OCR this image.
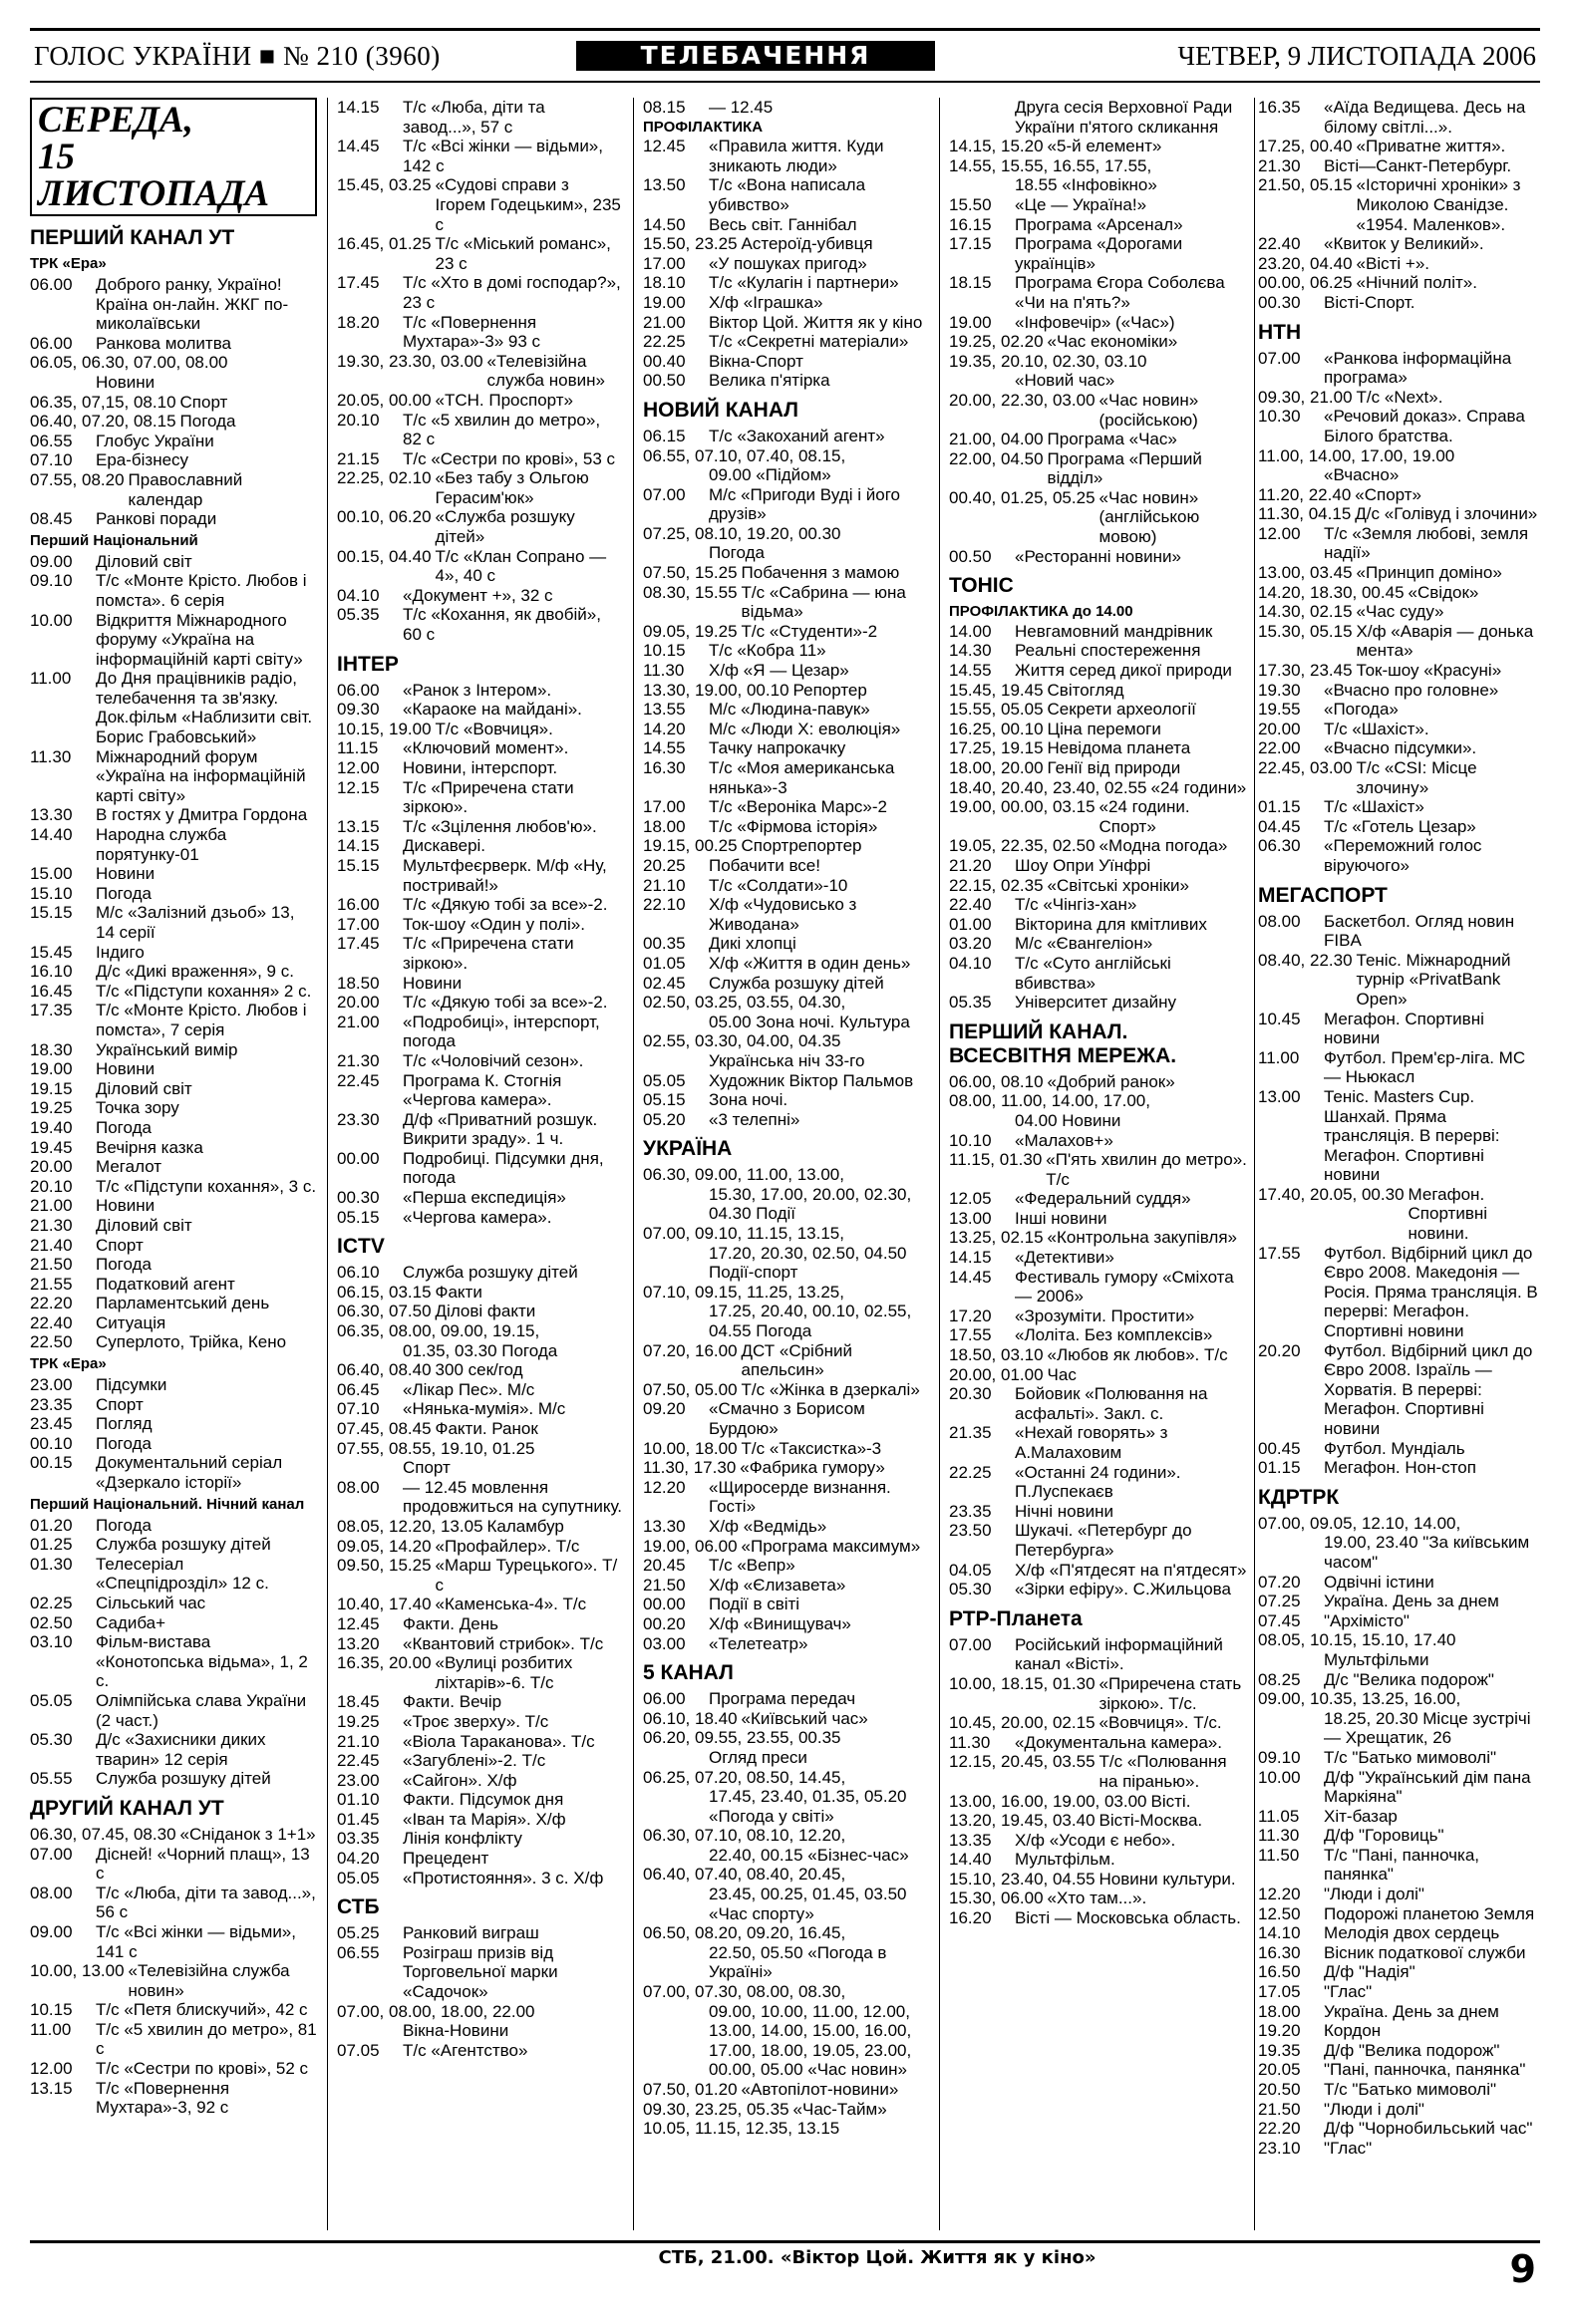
ГОЛОС УКРАЇНИ ■ № 210 (3960)	ТЕЛЕБАЧЕННЯ	ЧЕТВЕР, 9 ЛИСТОПАДА 2006
СЕРЕДА,
15 ЛИСТОПАДА
ПЕРШИЙ КАНАЛ УТ
ТРК «Ера»
06.00	Доброго ранку, Україно! Країна он-лайн. ЖКГ по-миколаївськи
06.00	Ранкова молитва
06.05, 06.30, 07.00, 08.00
Новини
06.35, 07,15, 08.10 Спорт
06.40, 07.20, 08.15 Погода
06.55	Глобус України
07.10	Ера-бізнесу
07.55, 08.20 Православний календар
08.45	Ранкові поради
Перший Національний
09.00	Діловий світ
09.10	Т/с «Монте Крісто. Любов і помста». 6 серія
10.00	Відкриття Міжнародного форуму «Україна на інформаційній карті світу»
11.00	До Дня працівників радіо, телебачення та зв'язку. Док.фільм «Наблизити світ. Борис Грабовський»
11.30	Міжнародний форум «Україна на інформаційній карті світу»
13.30	В гостях у Дмитра Гордона
14.40	Народна служба порятунку-01
15.00	Новини
15.10	Погода
15.15	М/с «Залізний дзьоб» 13, 14 серії
15.45	Індиго
16.10	Д/с «Дикі враження», 9 с.
16.45	Т/с «Підступи кохання» 2 с.
17.35	Т/с «Монте Крісто. Любов і помста», 7 серія
18.30	Український вимір
19.00	Новини
19.15	Діловий світ
19.25	Точка зору
19.40	Погода
19.45	Вечірня казка
20.00	Мегалот
20.10	Т/с «Підступи кохання», 3 с.
21.00	Новини
21.30	Діловий світ
21.40	Спорт
21.50	Погода
21.55	Податковий агент
22.20	Парламентський день
22.40	Ситуація
22.50	Суперлото, Трійка, Кено
ТРК «Ера»
23.00	Підсумки
23.35	Спорт
23.45	Погляд
00.10	Погода
00.15	Документальний серіал «Дзеркало історії»
Перший Національний. Нічний канал
01.20	Погода
01.25	Служба розшуку дітей
01.30	Телесеріал «Спецпідрозділ» 12 с.
02.25	Сільський час
02.50	Садиба+
03.10	Фільм-вистава «Конотопська відьма», 1, 2 с.
05.05	Олімпійська слава України (2 част.)
05.30	Д/с «Захисники диких тварин» 12 серія
05.55	Служба розшуку дітей
ДРУГИЙ КАНАЛ УТ
06.30, 07.45, 08.30 «Сніданок з 1+1»
07.00	Дісней! «Чорний плащ», 13 с
08.00	Т/с «Люба, діти та завод...», 56 с
09.00	Т/с «Всі жінки — відьми», 141 с
10.00, 13.00 «Телевізійна служба новин»
10.15	Т/с «Петя блискучий», 42 с
11.00	Т/с «5 хвилин до метро», 81 с
12.00	Т/с «Сестри по крові», 52 с
13.15	Т/с «Повернення Мухтара»-3, 92 с
14.15	Т/с «Люба, діти та завод...», 57 с
14.45	Т/с «Всі жінки — відьми», 142 с
15.45, 03.25 «Судові справи з Ігорем Годецьким», 235 с
16.45, 01.25 Т/с «Міський романс», 23 с
17.45	Т/с «Хто в домі господар?», 23 с
18.20	Т/с «Повернення Мухтара»-3» 93 с
19.30, 23.30, 03.00 «Телевізійна служба новин»
20.05, 00.00 «ТСН. Проспорт»
20.10	Т/с «5 хвилин до метро», 82 с
21.15	Т/с «Сестри по крові», 53 с
22.25, 02.10 «Без табу з Ольгою Герасим'юк»
00.10, 06.20 «Служба розшуку дітей»
00.15, 04.40 Т/с «Клан Сопрано — 4», 40 с
04.10	«Документ +», 32 с
05.35	Т/с «Кохання, як двобій», 60 с
ІНТЕР
06.00	«Ранок з Інтером».
09.30	«Караоке на майдані».
10.15, 19.00 Т/с «Вовчиця».
11.15	«Ключовий момент».
12.00	Новини, інтерспорт.
12.15	Т/с «Приречена стати зіркою».
13.15	Т/с «Зцілення любов'ю».
14.15	Дискавері.
15.15	Мультфеєрверк. М/ф «Ну, постривай!»
16.00	Т/с «Дякую тобі за все»-2.
17.00	Ток-шоу «Один у полі».
17.45	Т/с «Приречена стати зіркою».
18.50	Новини
20.00	Т/с «Дякую тобі за все»-2.
21.00	«Подробиці», інтерспорт, погода
21.30	Т/с «Чоловічий сезон».
22.45	Програма К. Стогнія «Чергова камера».
23.30	Д/ф «Приватний розшук. Викрити зраду». 1 ч.
00.00	Подробиці. Підсумки дня, погода
00.30	«Перша експедиція»
05.15	«Чергова камера».
ICTV
06.10	Служба розшуку дітей
06.15, 03.15 Факти
06.30, 07.50 Ділові факти
06.35, 08.00, 09.00, 19.15,
01.35, 03.30 Погода
06.40, 08.40 300 сек/год
06.45	«Лікар Пес». М/с
07.10	«Нянька-мумія». М/с
07.45, 08.45 Факти. Ранок
07.55, 08.55, 19.10, 01.25
Спорт
08.00	— 12.45 мовлення продовжиться на супутнику.
08.05, 12.20, 13.05 Каламбур
09.05, 14.20 «Профайлер». Т/с
09.50, 15.25 «Марш Турецького». Т/с
10.40, 17.40 «Каменська-4». Т/с
12.45	Факти. День
13.20	«Квантовий стрибок». Т/с
16.35, 20.00 «Вулиці розбитих ліхтарів»-6. Т/с
18.45	Факти. Вечір
19.25	«Троє зверху». Т/с
21.10	«Віола Тараканова». Т/с
22.45	«Загублені»-2. Т/с
23.00	«Сайгон». Х/ф
01.10	Факти. Підсумок дня
01.45	«Іван та Марія». Х/ф
03.35	Лінія конфлікту
04.20	Прецедент
05.05	«Протистояння». 3 с. Х/ф
СТБ
05.25	Ранковий виграш
06.55	Розіграш призів від Торговельної марки «Садочок»
07.00, 08.00, 18.00, 22.00
Вікна-Новини
07.05	Т/с «Агентство»
08.15	— 12.45
ПРОФІЛАКТИКА
12.45	«Правила життя. Куди зникають люди»
13.50	Т/с «Вона написала убивство»
14.50	Весь світ. Ганнібал
15.50, 23.25 Астероїд-убивця
17.00	«У пошуках пригод»
18.10	Т/с «Кулагін і партнери»
19.00	Х/ф «Іграшка»
21.00	Віктор Цой. Життя як у кіно
22.25	Т/с «Секретні матеріали»
00.40	Вікна-Спорт
00.50	Велика п'ятірка
НОВИЙ КАНАЛ
06.15	Т/с «Закоханий агент»
06.55, 07.10, 07.40, 08.15,
09.00 «Підйом»
07.00	М/с «Пригоди Вуді і його друзів»
07.25, 08.10, 19.20, 00.30
Погода
07.50, 15.25 Побачення з мамою
08.30, 15.55 Т/с «Сабрина — юна відьма»
09.05, 19.25 Т/с «Студенти»-2
10.15	Т/с «Кобра 11»
11.30	Х/ф «Я — Цезар»
13.30, 19.00, 00.10 Репортер
13.55	М/с «Людина-павук»
14.20	М/с «Люди Х: еволюція»
14.55	Тачку напрокачку
16.30	Т/с «Моя американська нянька»-3
17.00	Т/с «Вероніка Марс»-2
18.00	Т/с «Фірмова історія»
19.15, 00.25 Спортрепортер
20.25	Побачити все!
21.10	Т/с «Солдати»-10
22.10	Х/ф «Чудовисько з Живодана»
00.35	Дикі хлопці
01.05	Х/ф «Життя в один день»
02.45	Служба розшуку дітей
02.50, 03.25, 03.55, 04.30,
05.00 Зона ночі. Культура
02.55, 03.30, 04.00, 04.35
Українська ніч 33-го
05.05	Художник Віктор Пальмов
05.15	Зона ночі.
05.20	«3 телепні»
УКРАЇНА
06.30, 09.00, 11.00, 13.00,
15.30, 17.00, 20.00, 02.30, 04.30 Події
07.00, 09.10, 11.15, 13.15,
17.20, 20.30, 02.50, 04.50 Події-спорт
07.10, 09.15, 11.25, 13.25,
17.25, 20.40, 00.10, 02.55, 04.55 Погода
07.20, 16.00 ДСТ «Срібний апельсин»
07.50, 05.00 Т/с «Жінка в дзеркалі»
09.20	«Смачно з Борисом Бурдою»
10.00, 18.00 Т/с «Таксистка»-3
11.30, 17.30 «Фабрика гумору»
12.20	«Щиросерде визнання. Гості»
13.30	Х/ф «Ведмідь»
19.00, 06.00 «Програма максимум»
20.45	Т/с «Вепр»
21.50	Х/ф «Єлизавета»
00.00	Події в світі
00.20	Х/ф «Винищувач»
03.00	«Телетеатр»
5 КАНАЛ
06.00	Програма передач
06.10, 18.40 «Київський час»
06.20, 09.55, 23.55, 00.35
Огляд преси
06.25, 07.20, 08.50, 14.45,
17.45, 23.40, 01.35, 05.20 «Погода у світі»
06.30, 07.10, 08.10, 12.20,
22.40, 00.15 «Бізнес-час»
06.40, 07.40, 08.40, 20.45,
23.45, 00.25, 01.45, 03.50 «Час спорту»
06.50, 08.20, 09.20, 16.45,
22.50, 05.50 «Погода в Україні»
07.00, 07.30, 08.00, 08.30,
09.00, 10.00, 11.00, 12.00, 13.00, 14.00, 15.00, 16.00, 17.00, 18.00, 19.05, 23.00, 00.00, 05.00 «Час новин»
07.50, 01.20 «Автопілот-новини»
09.30, 23.25, 05.35 «Час-Тайм»
10.05, 11.15, 12.35, 13.15
Друга сесія Верховної Ради України п'ятого скликання
14.15, 15.20 «5-й елемент»
14.55, 15.55, 16.55, 17.55,
18.55 «Інфовікно»
15.50	«Це — Україна!»
16.15	Програма «Арсенал»
17.15	Програма «Дорогами українців»
18.15	Програма Єгора Соболєва «Чи на п'ять?»
19.00	«Інфовечір» («Час»)
19.25, 02.20 «Час економіки»
19.35, 20.10, 02.30, 03.10
«Новий час»
20.00, 22.30, 03.00 «Час новин» (російською)
21.00, 04.00 Програма «Час»
22.00, 04.50 Програма «Перший відділ»
00.40, 01.25, 05.25 «Час новин» (англійською мовою)
00.50	«Ресторанні новини»
ТОНІС
ПРОФІЛАКТИКА до 14.00
14.00	Невгамовний мандрівник
14.30	Реальні спостереження
14.55	Життя серед дикої природи
15.45, 19.45 Світогляд
15.55, 05.05 Секрети археології
16.25, 00.10 Ціна перемоги
17.25, 19.15 Невідома планета
18.00, 20.00 Генії від природи
18.40, 20.40, 23.40, 02.55 «24 години»
19.00, 00.00, 03.15 «24 години. Спорт»
19.05, 22.35, 02.50 «Модна погода»
21.20	Шоу Опри Уїнфрі
22.15, 02.35 «Світські хроніки»
22.40	Т/с «Чінгіз-хан»
01.00	Вікторина для кмітливих
03.20	М/с «Євангеліон»
04.10	Т/с «Суто англійські вбивства»
05.35	Університет дизайну
ПЕРШИЙ КАНАЛ. ВСЕСВІТНЯ МЕРЕЖА.
06.00, 08.10 «Добрий ранок»
08.00, 11.00, 14.00, 17.00,
04.00 Новини
10.10	«Малахов+»
11.15, 01.30 «П'ять хвилин до метро». Т/с
12.05	«Федеральний суддя»
13.00	Інші новини
13.25, 02.15 «Контрольна закупівля»
14.15	«Детективи»
14.45	Фестиваль гумору «Сміхота — 2006»
17.20	«Зрозуміти. Простити»
17.55	«Лоліта. Без комплексів»
18.50, 03.10 «Любов як любов». Т/с
20.00, 01.00 Час
20.30	Бойовик «Полювання на асфальті». Закл. с.
21.35	«Нехай говорять» з А.Малаховим
22.25	«Останні 24 години». П.Луспекаєв
23.35	Нічні новини
23.50	Шукачі. «Петербург до Петербурга»
04.05	Х/ф «П'ятдесят на п'ятдесят»
05.30	«Зірки ефіру». С.Жильцова
РТР-Планета
07.00	Російський інформаційний канал «Вісті».
10.00, 18.15, 01.30 «Приречена стать зіркою». Т/с.
10.45, 20.00, 02.15 «Вовчиця». Т/с.
11.30	«Документальна камера».
12.15, 20.45, 03.55 Т/с «Полювання на піранью».
13.00, 16.00, 19.00, 03.00 Вісті.
13.20, 19.45, 03.40 Вісті-Москва.
13.35	Х/ф «Усоди є небо».
14.40	Мультфільм.
15.10, 23.40, 04.55 Новини культури.
15.30, 06.00 «Хто там...».
16.20	Вісті — Московська область.
16.35	«Аїда Ведищева. Десь на білому світлі...».
17.25, 00.40 «Приватне життя».
21.30	Вісті—Санкт-Петербург.
21.50, 05.15 «Історичні хроніки» з Миколою Сванідзе. «1954. Маленков».
22.40	«Квиток у Великий».
23.20, 04.40 «Вісті +».
00.00, 06.25 «Нічний політ».
00.30	Вісті-Спорт.
НТН
07.00	«Ранкова інформаційна програма»
09.30, 21.00 Т/с «Next».
10.30	«Речовий доказ». Справа Білого братства.
11.00, 14.00, 17.00, 19.00
«Вчасно»
11.20, 22.40 «Спорт»
11.30, 04.15 Д/с «Голівуд і злочини»
12.00	Т/с «Земля любові, земля надії»
13.00, 03.45 «Принцип доміно»
14.20, 18.30, 00.45 «Свідок»
14.30, 02.15 «Час суду»
15.30, 05.15 Х/ф «Аварія — донька мента»
17.30, 23.45 Ток-шоу «Красуні»
19.30	«Вчасно про головне»
19.55	«Погода»
20.00	Т/с «Шахіст».
22.00	«Вчасно підсумки».
22.45, 03.00 Т/с «CSI: Місце злочину»
01.15	Т/с «Шахіст»
04.45	Т/с «Готель Цезар»
06.30	«Переможний голос віруючого»
МЕГАСПОРТ
08.00	Баскетбол. Огляд новин FIBA
08.40, 22.30 Теніс. Міжнародний турнір «PrivatBank Open»
10.45	Мегафон. Спортивні новини
11.00	Футбол. Прем'єр-ліга. МС — Ньюкасл
13.00	Теніс. Masters Cup. Шанхай. Пряма трансляція. В перерві: Мегафон. Спортивні новини
17.40, 20.05, 00.30 Мегафон. Спортивні новини.
17.55	Футбол. Відбірний цикл до Євро 2008. Македонія — Росія. Пряма трансляція. В перерві: Мегафон. Спортивні новини
20.20	Футбол. Відбірний цикл до Євро 2008. Ізраїль — Хорватія. В перерві: Мегафон. Спортивні новини
00.45	Футбол. Мундіаль
01.15	Мегафон. Нон-стоп
КДРТРК
07.00, 09.05, 12.10, 14.00,
19.00, 23.40 "За київським часом"
07.20	Одвічні істини
07.25	Україна. День за днем
07.45	"Архімісто"
08.05, 10.15, 15.10, 17.40
Мультфільми
08.25	Д/с "Велика подорож"
09.00, 10.35, 13.25, 16.00,
18.25, 20.30 Місце зустрічі — Хрещатик, 26
09.10	Т/с "Батько мимоволі"
10.00	Д/ф "Український дім пана Маркіяна"
11.05	Хіт-базар
11.30	Д/ф "Горовиць"
11.50	Т/с "Пані, панночка, панянка"
12.20	"Люди і долі"
12.50	Подорожі планетою Земля
14.10	Мелодія двох сердець
16.30	Вісник податкової служби
16.50	Д/ф "Надія"
17.05	"Глас"
18.00	Україна. День за днем
19.20	Кордон
19.35	Д/ф "Велика подорож"
20.05	"Пані, панночка, панянка"
20.50	Т/с "Батько мимоволі"
21.50	"Люди і долі"
22.20	Д/ф "Чорнобильський час"
23.10	"Глас"
СТБ, 21.00. «Віктор Цой. Життя як у кіно»	9
